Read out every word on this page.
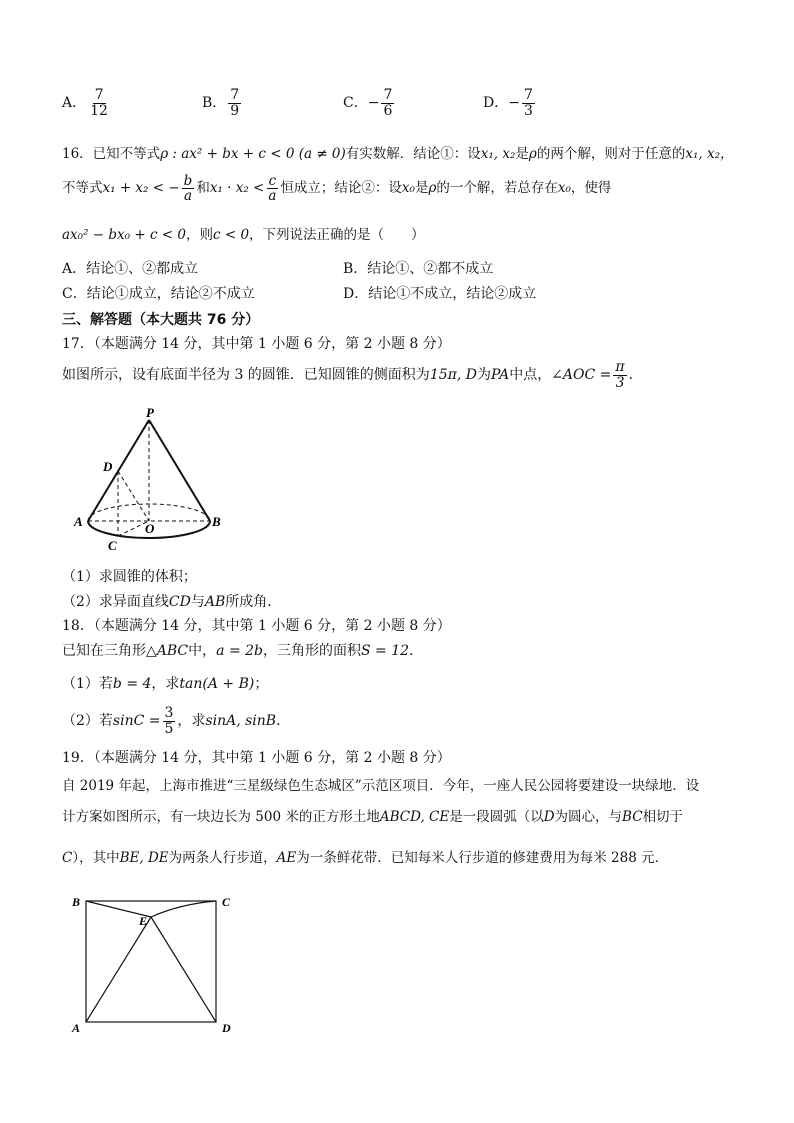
A． $\frac{7}{12}$	B． $\frac{7}{9}$	C．− $\frac{7}{6}$	D．− $\frac{7}{3}$
16．已知不等式ρ : ax² + bx + c < 0 (a ≠ 0)有实数解．结论①：设x₁, x₂是ρ的两个解，则对于任意的x₁, x₂，
不等式x₁ + x₂ < − $\frac{b}{a}$ 和$x_1 \cdot x_2 < \frac{c}{a}$ 恒成立；结论②：设x₀是ρ的一个解，若总存在x₀，使得
ax₀² − bx₀ + c < 0，则c < 0，下列说法正确的是（　　）
A．结论①、②都成立	B．结论①、②都不成立
C．结论①成立，结论②不成立	D．结论①不成立，结论②成立
三、解答题（本大题共 76 分）
17．（本题满分 14 分，其中第 1 小题 6 分，第 2 小题 8 分）
如图所示，设有底面半径为 3 的圆锥．已知圆锥的侧面积为15π, D为PA中点，∠AOC = $\frac{\pi}{3}$ ．
P
D
A	O	B
C
（1）求圆锥的体积；
（2）求异面直线CD与AB所成角．
18．（本题满分 14 分，其中第 1 小题 6 分，第 2 小题 8 分）
已知在三角形△ABC中，a = 2b，三角形的面积S = 12．
（1）若b = 4，求tan(A + B)；
（2）若$\sin C = \frac{3}{5}$ ，求sinA, sinB．
19．（本题满分 14 分，其中第 1 小题 6 分，第 2 小题 8 分）
自 2019 年起，上海市推进“三星级绿色生态城区”示范区项目．今年，一座人民公园将要建设一块绿地．设
计方案如图所示，有一块边长为 500 米的正方形土地ABCD, CE是一段圆弧（以D为圆心，与BC相切于
C），其中BE, DE为两条人行步道，AE为一条鲜花带．已知每米人行步道的修建费用为每米 288 元．
B	C
E
A	D
